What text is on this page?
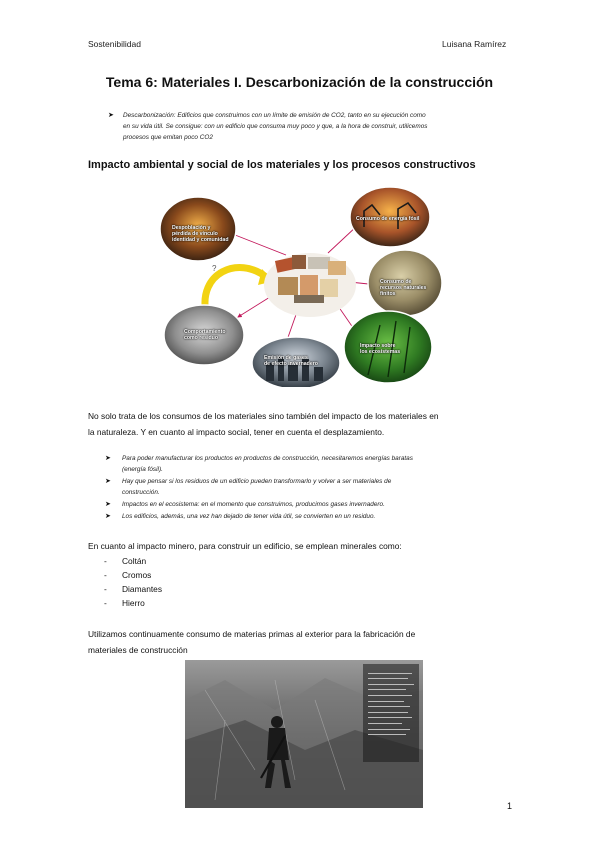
Sostenibilidad	Luisana Ramírez
Tema 6: Materiales I. Descarbonización de la construcción
➤ Descarbonización: Edificios que construimos con un límite de emisión de CO2, tanto en su ejecución como
en su vida útil. Se consigue: con un edificio que consuma muy poco y que, a la hora de construir, utilicemos
procesos que emitan poco CO2
Impacto ambiental y social de los materiales y los procesos constructivos
?
Despoblación y
pérdida de vínculo
identidad y comunidad
Consumo de energía fósil
Consumo de
recursos naturales finitos
Comportamiento
como residuo
Emisión de gases
de efecto invernadero
Impacto sobre
los ecosistemas
No solo trata de los consumos de los materiales sino también del impacto de los materiales en
la naturaleza. Y en cuanto al impacto social, tener en cuenta el desplazamiento.
➤ Para poder manufacturar los productos en productos de construcción, necesitaremos energías baratas
(energía fósil).
➤ Hay que pensar si los residuos de un edificio pueden transformarlo y volver a ser materiales de
construcción.
➤ Impactos en el ecosistema: en el momento que construimos, producimos gases invernadero.
➤ Los edificios, además, una vez han dejado de tener vida útil, se convierten en un residuo.
En cuanto al impacto minero, para construir un edificio, se emplean minerales como:
- Coltán
- Cromos
- Diamantes
- Hierro
Utilizamos continuamente consumo de materias primas al exterior para la fabricación de
materiales de construcción
1
